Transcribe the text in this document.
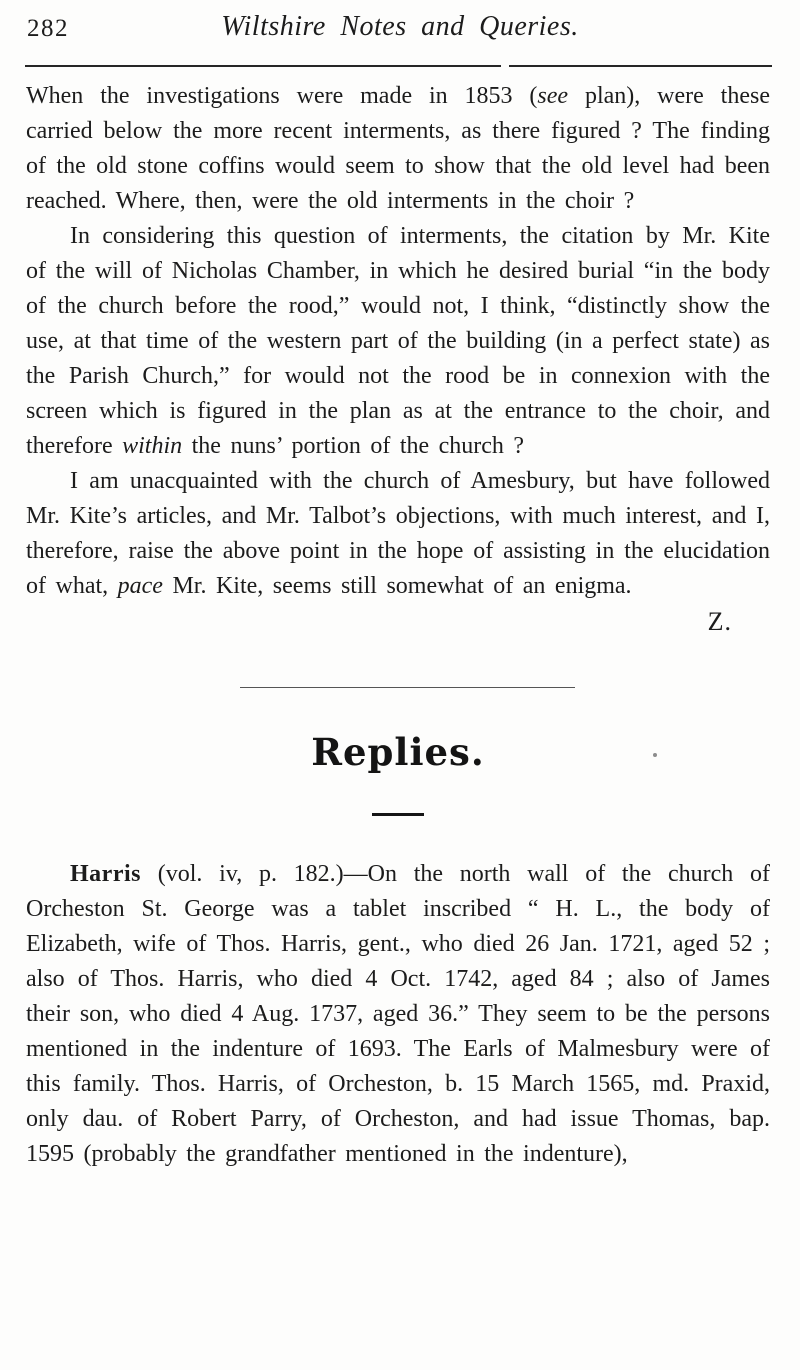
282	Wiltshire Notes and Queries.

When the investigations were made in 1853 (see plan), were these carried below the more recent interments, as there figured ? The finding of the old stone coffins would seem to show that the old level had been reached. Where, then, were the old interments in the choir ?

In considering this question of interments, the citation by Mr. Kite of the will of Nicholas Chamber, in which he desired burial “in the body of the church before the rood,” would not, I think, “distinctly show the use, at that time of the western part of the building (in a perfect state) as the Parish Church,” for would not the rood be in connexion with the screen which is figured in the plan as at the entrance to the choir, and therefore within the nuns’ portion of the church ?

I am unacquainted with the church of Amesbury, but have followed Mr. Kite’s articles, and Mr. Talbot’s objections, with much interest, and I, therefore, raise the above point in the hope of assisting in the elucidation of what, pace Mr. Kite, seems still somewhat of an enigma.

Z.
Replies.

Harris (vol. iv, p. 182.)—On the north wall of the church of Orcheston St. George was a tablet inscribed “ H. L., the body of Elizabeth, wife of Thos. Harris, gent., who died 26 Jan. 1721, aged 52 ; also of Thos. Harris, who died 4 Oct. 1742, aged 84 ; also of James their son, who died 4 Aug. 1737, aged 36.” They seem to be the persons mentioned in the indenture of 1693. The Earls of Malmesbury were of this family. Thos. Harris, of Orcheston, b. 15 March 1565, md. Praxid, only dau. of Robert Parry, of Orcheston, and had issue Thomas, bap. 1595 (probably the grandfather mentioned in the indenture),
